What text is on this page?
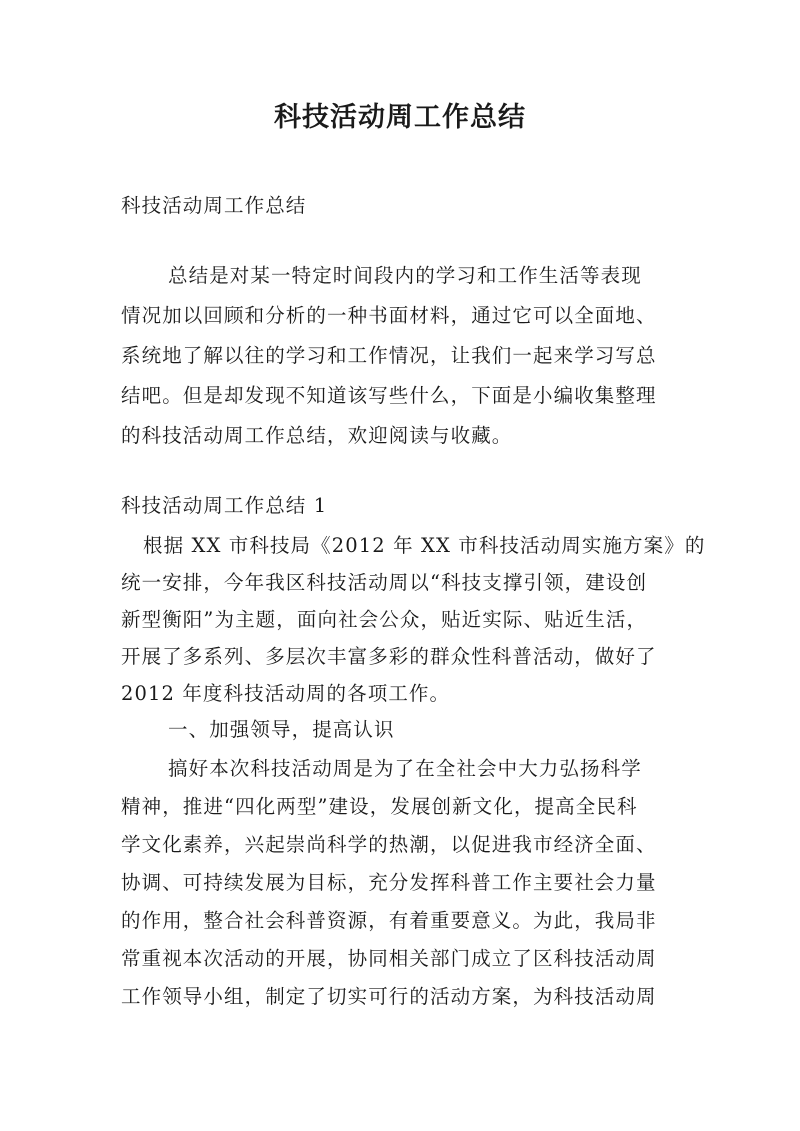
科技活动周工作总结
科技活动周工作总结
总结是对某一特定时间段内的学习和工作生活等表现
情况加以回顾和分析的一种书面材料，通过它可以全面地、
系统地了解以往的学习和工作情况，让我们一起来学习写总
结吧。但是却发现不知道该写些什么，下面是小编收集整理
的科技活动周工作总结，欢迎阅读与收藏。
科技活动周工作总结 1
根据 XX 市科技局《2012 年 XX 市科技活动周实施方案》的
统一安排，今年我区科技活动周以“科技支撑引领，建设创
新型衡阳”为主题，面向社会公众，贴近实际、贴近生活，
开展了多系列、多层次丰富多彩的群众性科普活动，做好了
2012 年度科技活动周的各项工作。
一、加强领导，提高认识
搞好本次科技活动周是为了在全社会中大力弘扬科学
精神，推进“四化两型”建设，发展创新文化，提高全民科
学文化素养，兴起崇尚科学的热潮，以促进我市经济全面、
协调、可持续发展为目标，充分发挥科普工作主要社会力量
的作用，整合社会科普资源，有着重要意义。为此，我局非
常重视本次活动的开展，协同相关部门成立了区科技活动周
工作领导小组，制定了切实可行的活动方案，为科技活动周
